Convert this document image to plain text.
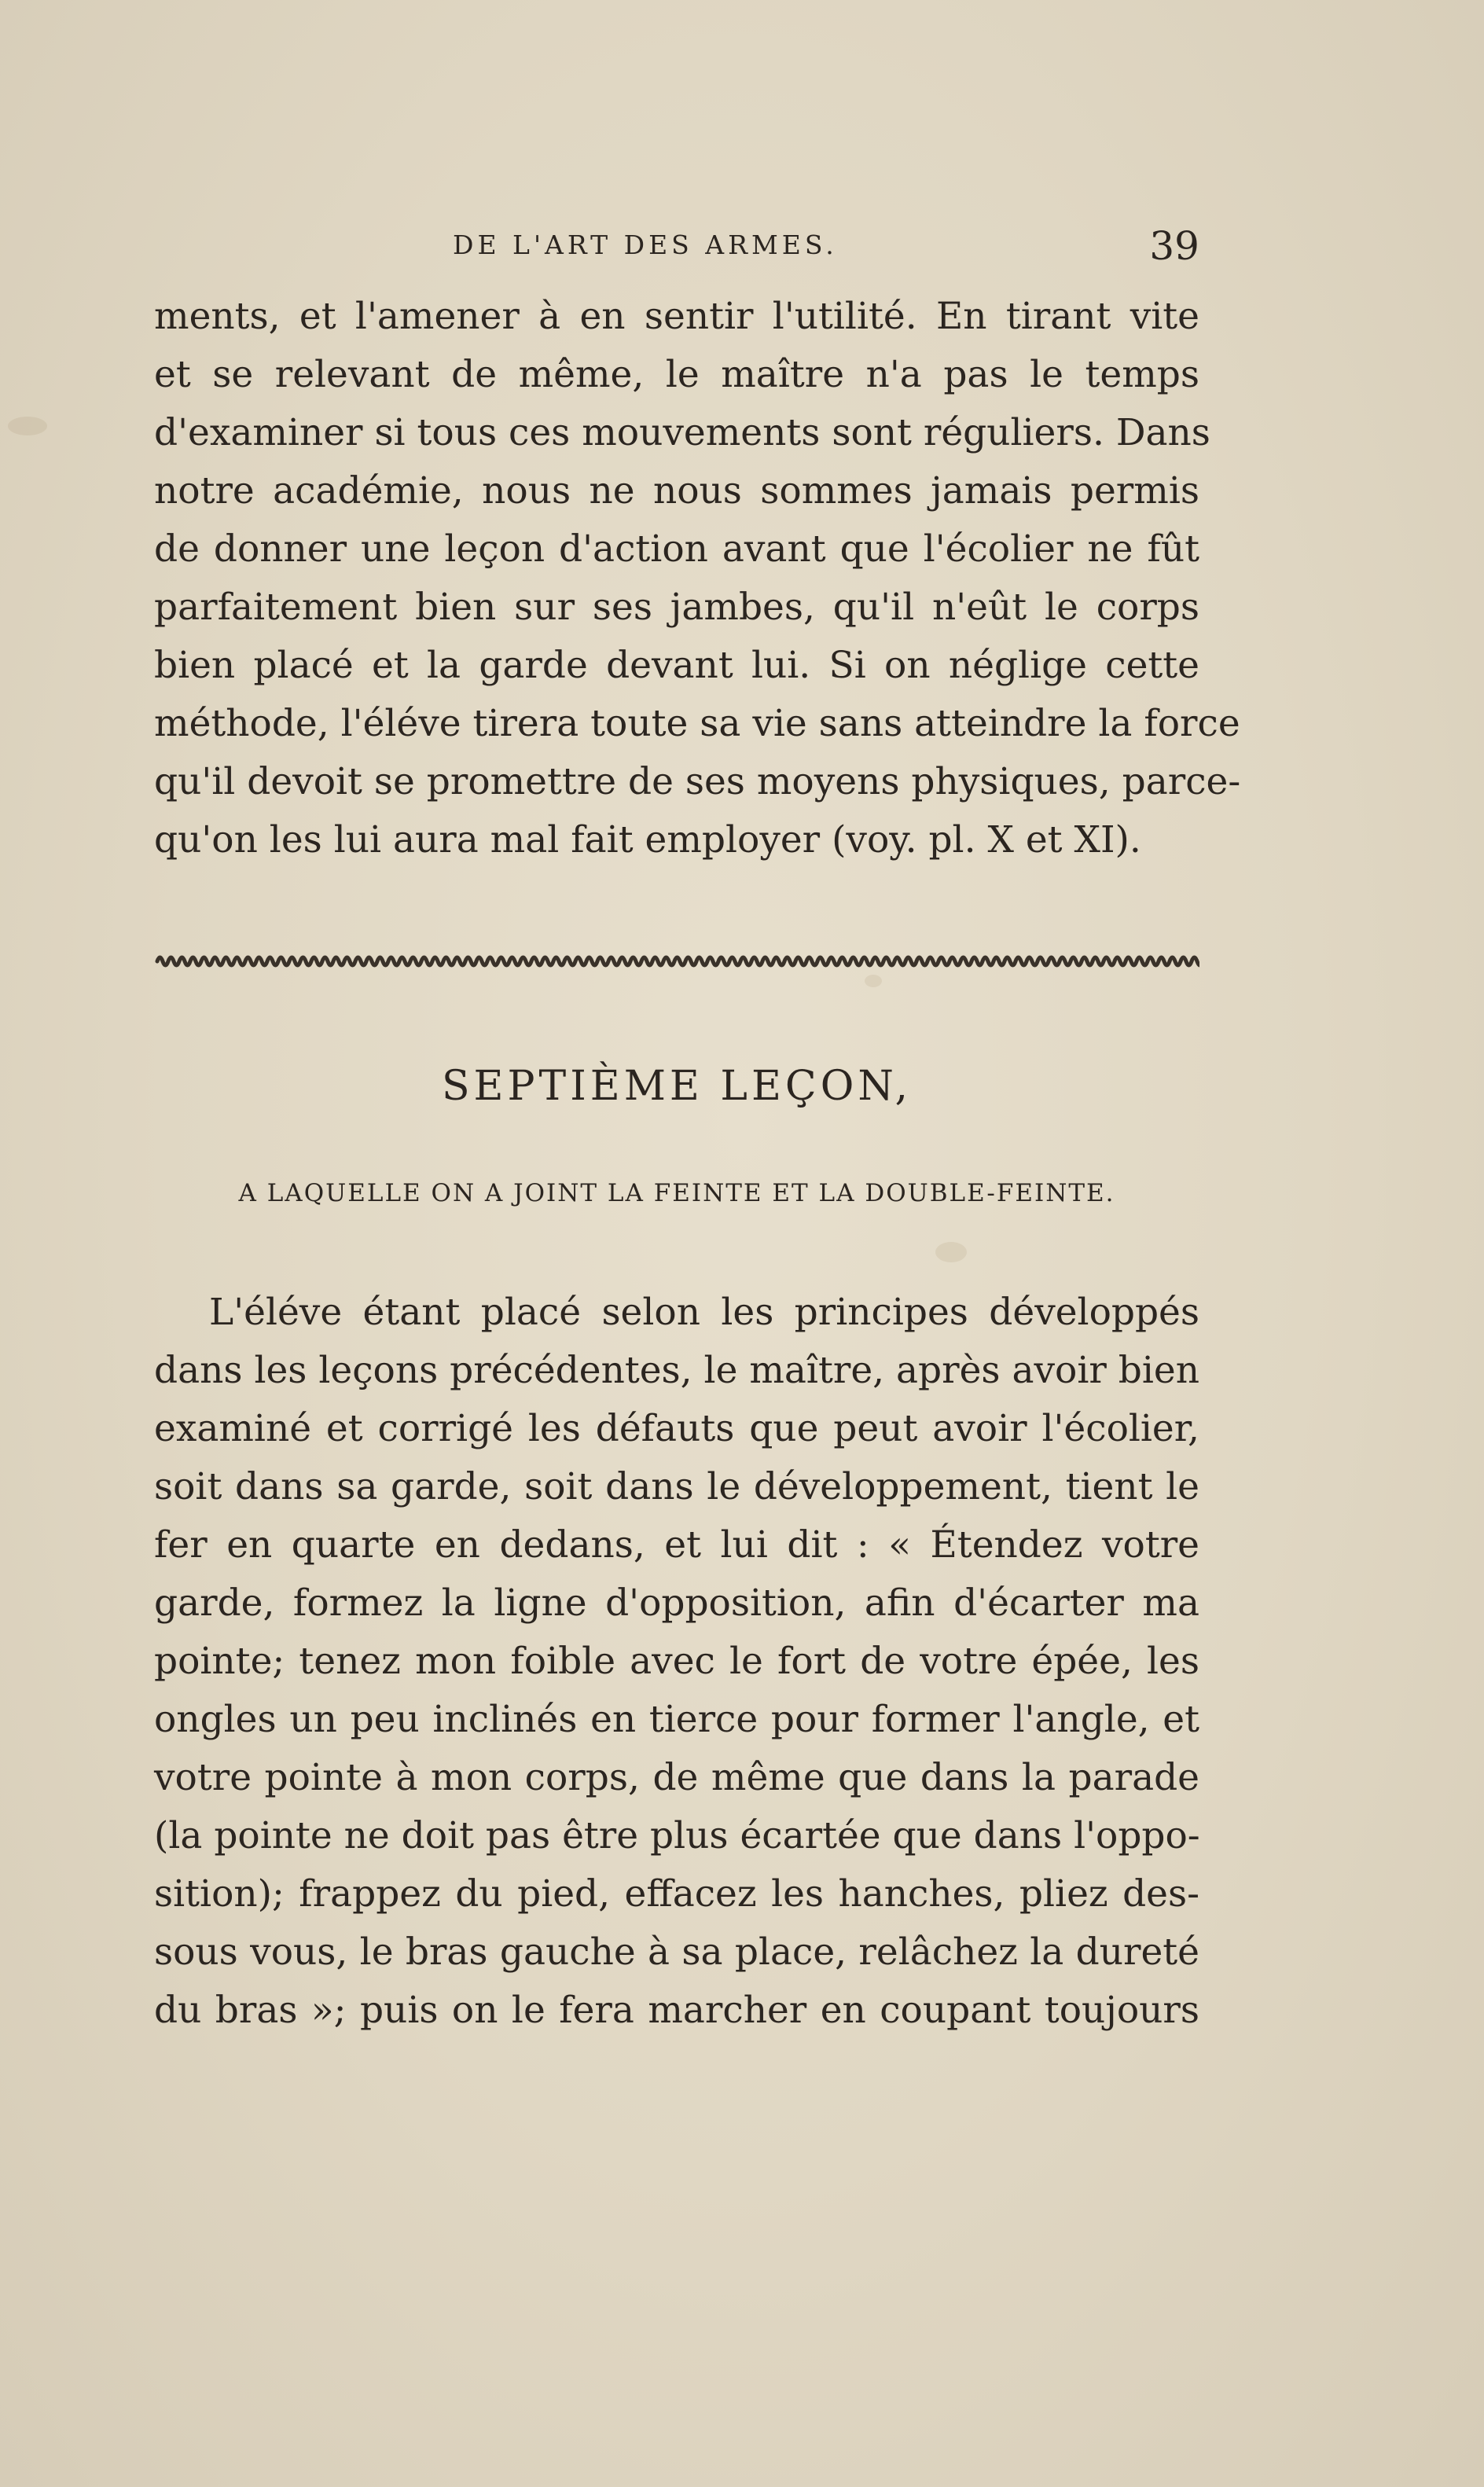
DE L'ART DES ARMES.	39
ments, et l'amener à en sentir l'utilité. En tirant vite
et se relevant de même, le maître n'a pas le temps
d'examiner si tous ces mouvements sont réguliers. Dans
notre académie, nous ne nous sommes jamais permis
de donner une leçon d'action avant que l'écolier ne fût
parfaitement bien sur ses jambes, qu'il n'eût le corps
bien placé et la garde devant lui. Si on néglige cette
méthode, l'éléve tirera toute sa vie sans atteindre la force
qu'il devoit se promettre de ses moyens physiques, parce-
qu'on les lui aura mal fait employer (voy. pl. X et XI).
SEPTIÈME LEÇON,
A LAQUELLE ON A JOINT LA FEINTE ET LA DOUBLE-FEINTE.
L'éléve étant placé selon les principes développés
dans les leçons précédentes, le maître, après avoir bien
examiné et corrigé les défauts que peut avoir l'écolier,
soit dans sa garde, soit dans le développement, tient le
fer en quarte en dedans, et lui dit : « Étendez votre
garde, formez la ligne d'opposition, afin d'écarter ma
pointe; tenez mon foible avec le fort de votre épée, les
ongles un peu inclinés en tierce pour former l'angle, et
votre pointe à mon corps, de même que dans la parade
(la pointe ne doit pas être plus écartée que dans l'oppo-
sition); frappez du pied, effacez les hanches, pliez des-
sous vous, le bras gauche à sa place, relâchez la dureté
du bras »; puis on le fera marcher en coupant toujours
